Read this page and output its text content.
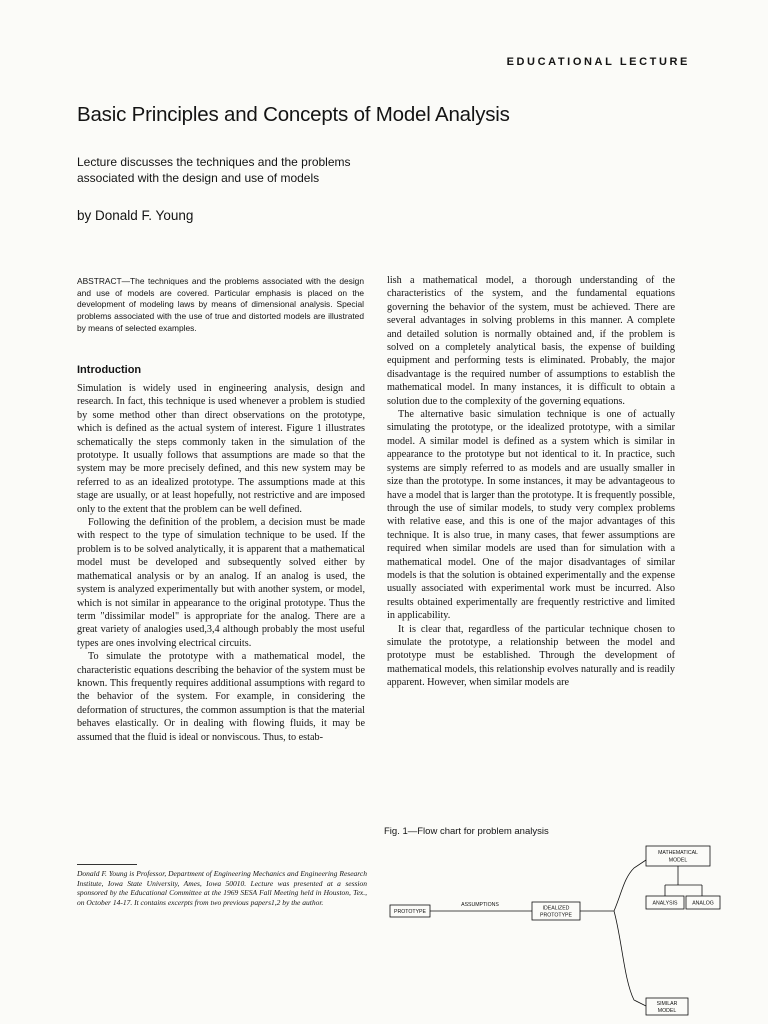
EDUCATIONAL LECTURE
Basic Principles and Concepts of Model Analysis

Lecture discusses the techniques and the problems associated with the design and use of models

by Donald F. Young

ABSTRACT—The techniques and the problems associated with the design and use of models are covered. Particular emphasis is placed on the development of modeling laws by means of dimensional analysis. Special problems associated with the use of true and distorted models are illustrated by means of selected examples.

Introduction

Simulation is widely used in engineering analysis, design and research. In fact, this technique is used whenever a problem is studied by some method other than direct observations on the prototype, which is defined as the actual system of interest. Figure 1 illustrates schematically the steps commonly taken in the simulation of the prototype. It usually follows that assumptions are made so that the system may be more precisely defined, and this new system may be referred to as an idealized prototype. The assumptions made at this stage are usually, or at least hopefully, not restrictive and are imposed only to the extent that the problem can be well defined.

Following the definition of the problem, a decision must be made with respect to the type of simulation technique to be used. If the problem is to be solved analytically, it is apparent that a mathematical model must be developed and subsequently solved either by mathematical analysis or by an analog. If an analog is used, the system is analyzed experimentally but with another system, or model, which is not similar in appearance to the original prototype. Thus the term "dissimilar model" is appropriate for the analog. There are a great variety of analogies used,3,4 although probably the most useful types are ones involving electrical circuits.

To simulate the prototype with a mathematical model, the characteristic equations describing the behavior of the system must be known. This frequently requires additional assumptions with regard to the behavior of the system. For example, in considering the deformation of structures, the common assumption is that the material behaves elastically. Or in dealing with flowing fluids, it may be assumed that the fluid is ideal or nonviscous. Thus, to estab-

lish a mathematical model, a thorough understanding of the characteristics of the system, and the fundamental equations governing the behavior of the system, must be achieved. There are several advantages in solving problems in this manner. A complete and detailed solution is normally obtained and, if the problem is solved on a completely analytical basis, the expense of building equipment and performing tests is eliminated. Probably, the major disadvantage is the required number of assumptions to establish the mathematical model. In many instances, it is difficult to obtain a solution due to the complexity of the governing equations.

The alternative basic simulation technique is one of actually simulating the prototype, or the idealized prototype, with a similar model. A similar model is defined as a system which is similar in appearance to the prototype but not identical to it. In practice, such systems are simply referred to as models and are usually smaller in size than the prototype. In some instances, it may be advantageous to have a model that is larger than the prototype. It is frequently possible, through the use of similar models, to study very complex problems with relative ease, and this is one of the major advantages of this technique. It is also true, in many cases, that fewer assumptions are required when similar models are used than for simulation with a mathematical model. One of the major disadvantages of similar models is that the solution is obtained experimentally and the expense usually associated with experimental work must be incurred. Also results obtained experimentally are frequently restrictive and limited in applicability.

It is clear that, regardless of the particular technique chosen to simulate the prototype, a relationship between the model and prototype must be established. Through the development of mathematical models, this relationship evolves naturally and is readily apparent. However, when similar models are

Donald F. Young is Professor, Department of Engineering Mechanics and Engineering Research Institute, Iowa State University, Ames, Iowa 50010. Lecture was presented at a session sponsored by the Educational Committee at the 1969 SESA Fall Meeting held in Houston, Tex., on October 14-17. It contains excerpts from two previous papers1,2 by the author.

Fig. 1—Flow chart for problem analysis

PROTOTYPE
ASSUMPTIONS
IDEALIZED
PROTOTYPE
MATHEMATICAL
MODEL
ANALYSIS	ANALOG
SIMILAR
MODEL
